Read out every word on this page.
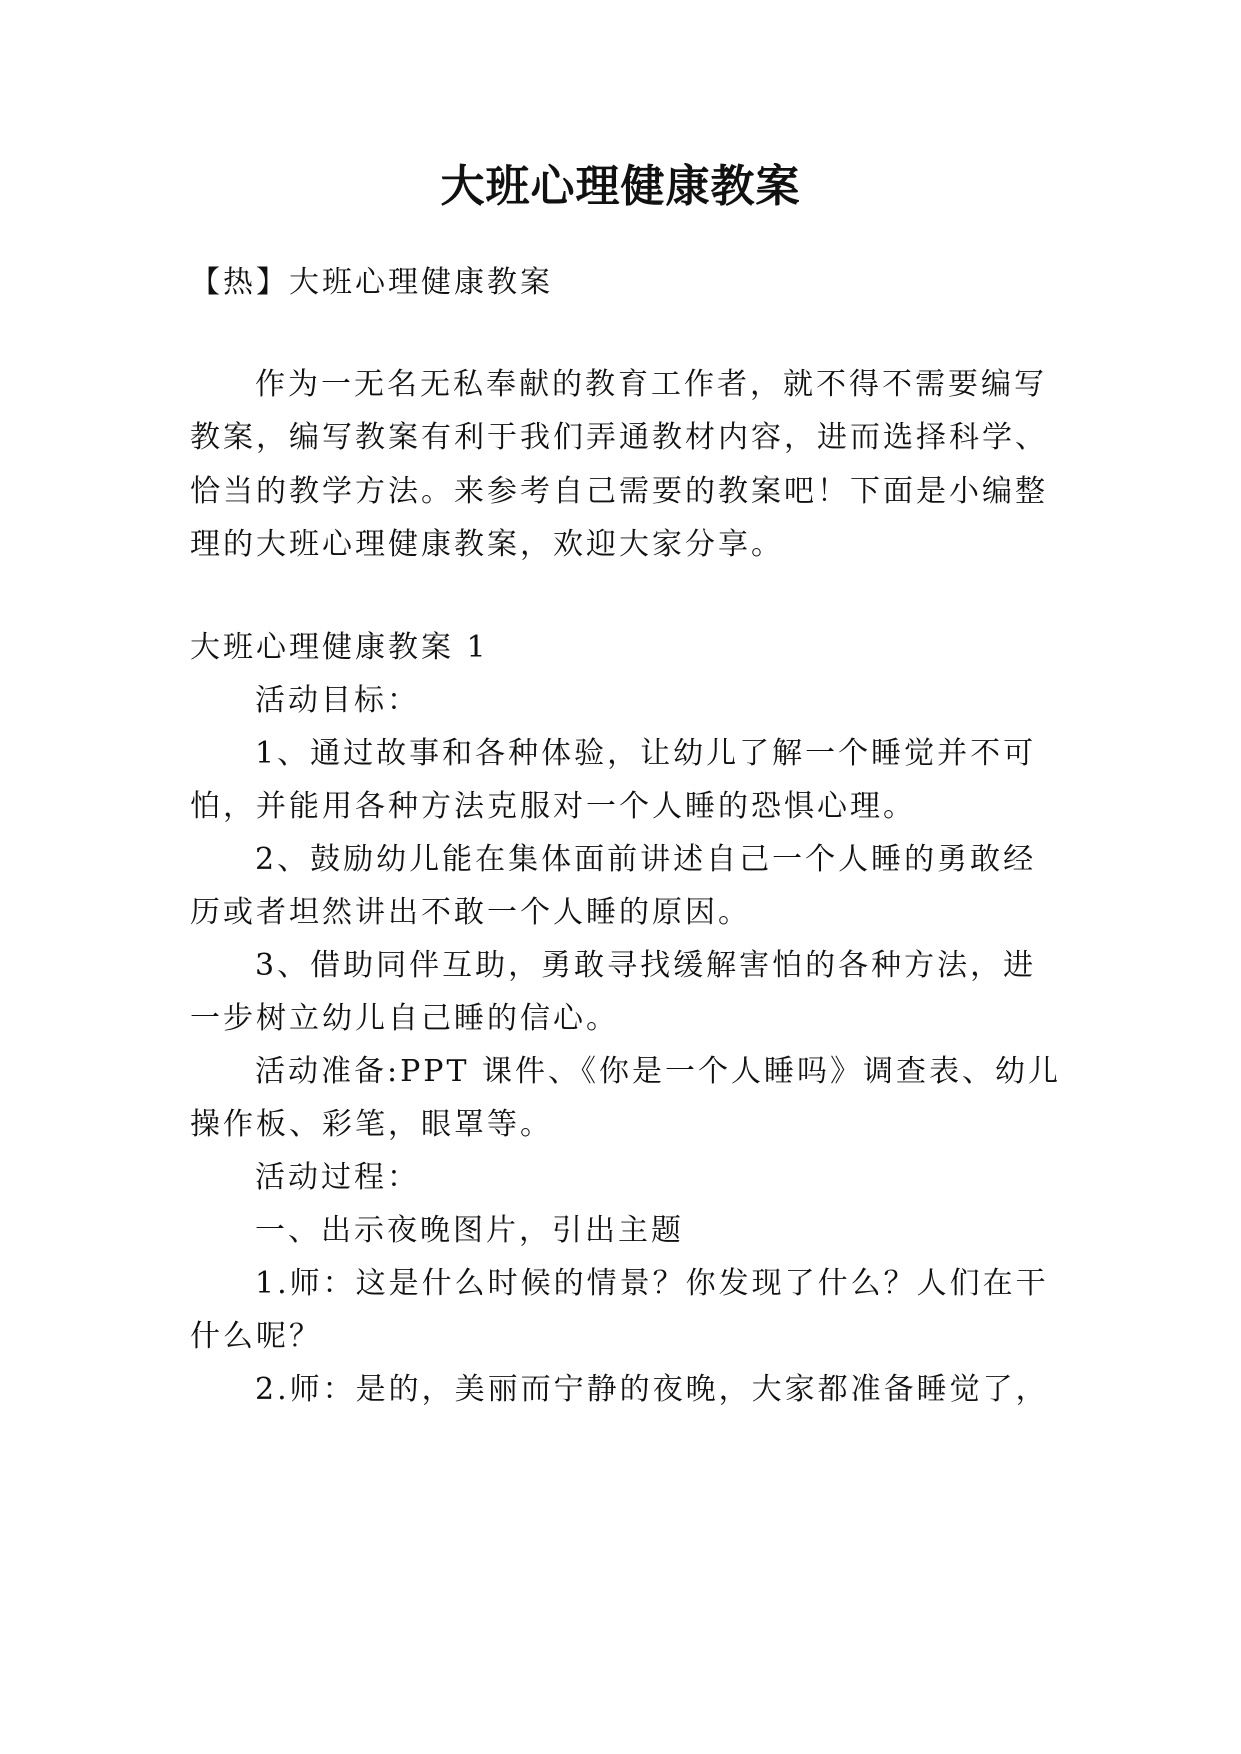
大班心理健康教案
【热】大班心理健康教案
作为一无名无私奉献的教育工作者，就不得不需要编写
教案，编写教案有利于我们弄通教材内容，进而选择科学、
恰当的教学方法。来参考自己需要的教案吧！下面是小编整
理的大班心理健康教案，欢迎大家分享。
大班心理健康教案 1
活动目标：
1、通过故事和各种体验，让幼儿了解一个睡觉并不可
怕，并能用各种方法克服对一个人睡的恐惧心理。
2、鼓励幼儿能在集体面前讲述自己一个人睡的勇敢经
历或者坦然讲出不敢一个人睡的原因。
3、借助同伴互助，勇敢寻找缓解害怕的各种方法，进
一步树立幼儿自己睡的信心。
活动准备:PPT 课件、《你是一个人睡吗》调查表、幼儿
操作板、彩笔，眼罩等。
活动过程：
一、出示夜晚图片，引出主题
1.师：这是什么时候的情景？你发现了什么？人们在干
什么呢？
2.师：是的，美丽而宁静的夜晚，大家都准备睡觉了，
